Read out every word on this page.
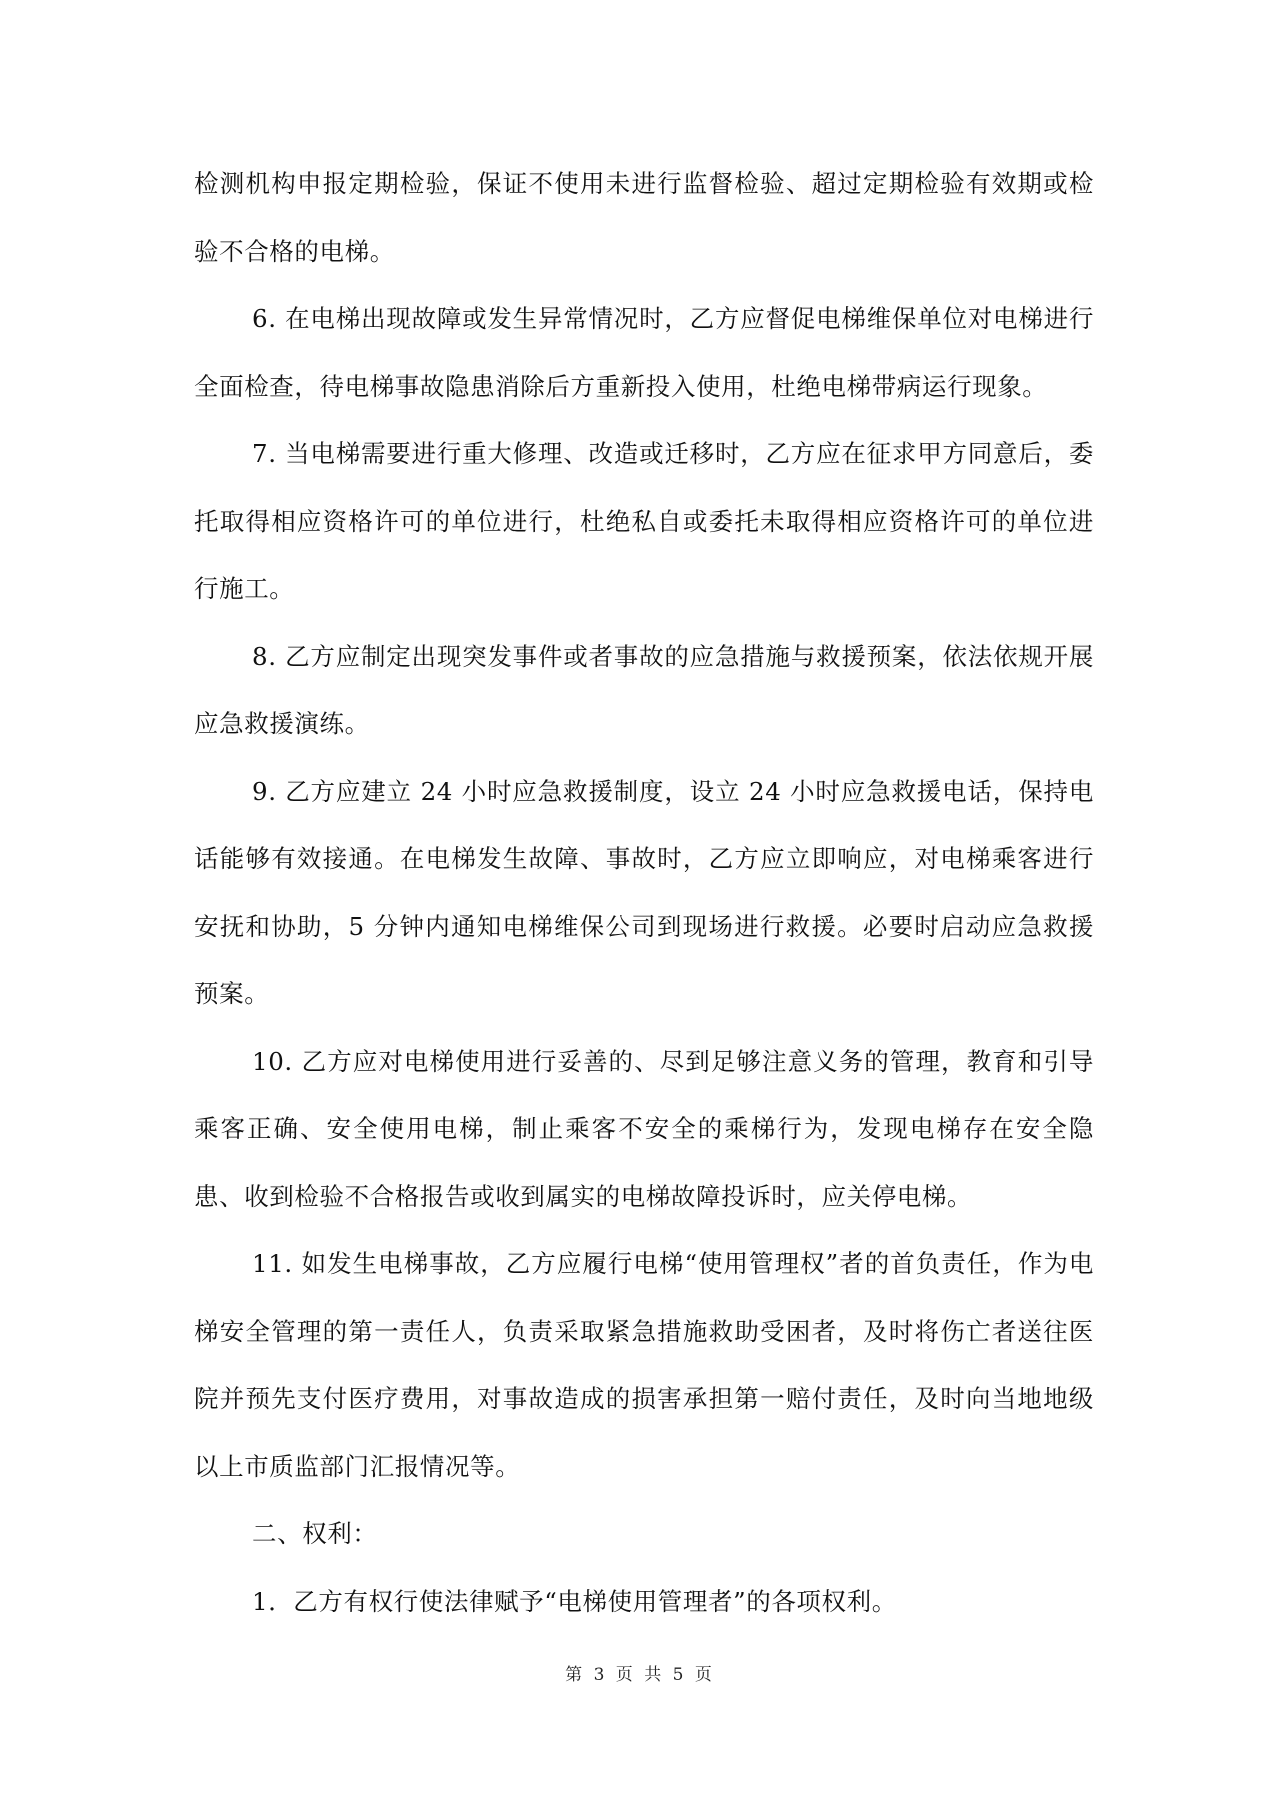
检测机构申报定期检验，保证不使用未进行监督检验、超过定期检验有效期或检验不合格的电梯。

6. 在电梯出现故障或发生异常情况时，乙方应督促电梯维保单位对电梯进行全面检查，待电梯事故隐患消除后方重新投入使用，杜绝电梯带病运行现象。

7. 当电梯需要进行重大修理、改造或迁移时，乙方应在征求甲方同意后，委托取得相应资格许可的单位进行，杜绝私自或委托未取得相应资格许可的单位进行施工。

8. 乙方应制定出现突发事件或者事故的应急措施与救援预案，依法依规开展应急救援演练。

9. 乙方应建立 24 小时应急救援制度，设立 24 小时应急救援电话，保持电话能够有效接通。在电梯发生故障、事故时，乙方应立即响应，对电梯乘客进行安抚和协助，5 分钟内通知电梯维保公司到现场进行救援。必要时启动应急救援预案。

10. 乙方应对电梯使用进行妥善的、尽到足够注意义务的管理，教育和引导乘客正确、安全使用电梯，制止乘客不安全的乘梯行为，发现电梯存在安全隐患、收到检验不合格报告或收到属实的电梯故障投诉时，应关停电梯。

11. 如发生电梯事故，乙方应履行电梯“使用管理权”者的首负责任，作为电梯安全管理的第一责任人，负责采取紧急措施救助受困者，及时将伤亡者送往医院并预先支付医疗费用，对事故造成的损害承担第一赔付责任，及时向当地地级以上市质监部门汇报情况等。

二、权利：

1．乙方有权行使法律赋予“电梯使用管理者”的各项权利。

第 3 页 共 5 页
